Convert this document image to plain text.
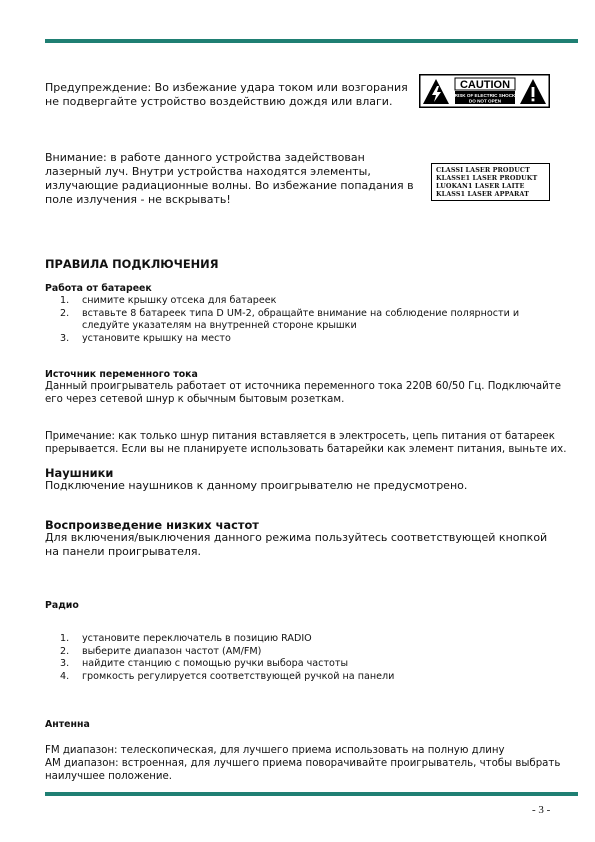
Предупреждение: Во избежание удара током или возгорания
не подвергайте устройство воздействию дождя или влаги.
CAUTION
RISK OF ELECTRIC SHOCK
DO NOT OPEN
Внимание: в работе данного устройства задействован
лазерный луч. Внутри устройства находятся элементы,
излучающие радиационные волны. Во избежание попадания в
поле излучения - не вскрывать!
CLASSI LASER PRODUCT
KLASSE1 LASER PRODUKT
LUOKAN1 LASER LAITE
KLASS1 LASER APPARAT
ПРАВИЛА ПОДКЛЮЧЕНИЯ
Работа от батареек
1. снимите крышку отсека для батареек
2. вставьте 8 батареек типа D UM-2, обращайте внимание на соблюдение полярности и
следуйте указателям на внутренней стороне крышки
3. установите крышку на место
Источник переменного тока
Данный проигрыватель работает от источника переменного тока 220В 60/50 Гц. Подключайте
его через сетевой шнур к обычным бытовым розеткам.
Примечание: как только шнур питания вставляется в электросеть, цепь питания от батареек
прерывается. Если вы не планируете использовать батарейки как элемент питания, выньте их.
Наушники
Подключение наушников к данному проигрывателю не предусмотрено.
Воспроизведение низких частот
Для включения/выключения данного режима пользуйтесь соответствующей кнопкой
на панели проигрывателя.
Радио
1. установите переключатель в позицию RADIO
2. выберите диапазон частот (AM/FM)
3. найдите станцию с помощью ручки выбора частоты
4. громкость регулируется соответствующей ручкой на панели
Антенна
FM диапазон: телескопическая, для лучшего приема использовать на полную длину
AM диапазон: встроенная, для лучшего приема поворачивайте проигрыватель, чтобы выбрать
наилучшее положение.
- 3 -
